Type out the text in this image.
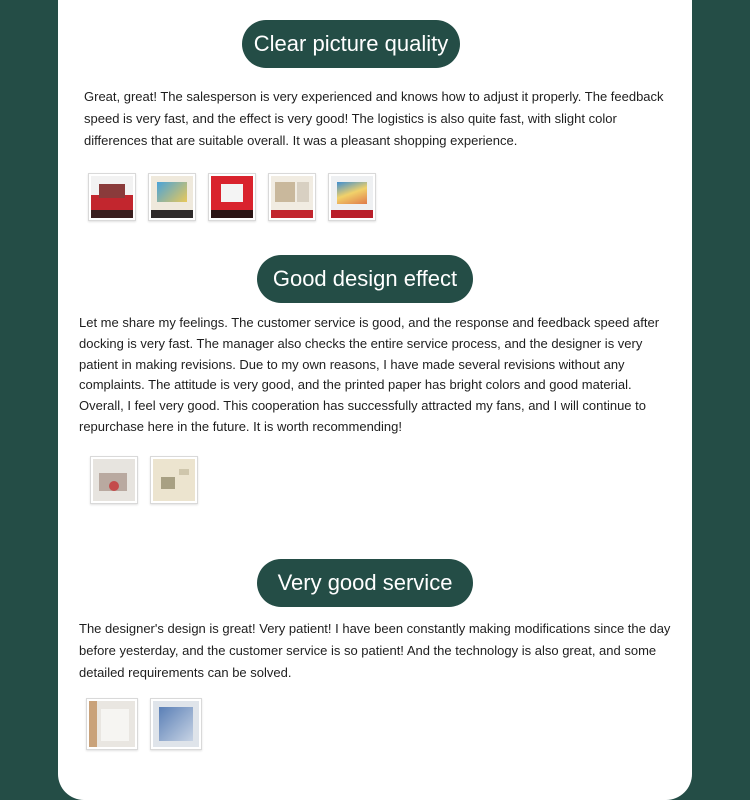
Clear picture quality

Great, great! The salesperson is very experienced and knows how to adjust it properly. The feedback speed is very fast, and the effect is very good! The logistics is also quite fast, with slight color differences that are suitable overall. It was a pleasant shopping experience.

Good design effect

Let me share my feelings. The customer service is good, and the response and feedback speed after docking is very fast. The manager also checks the entire service process, and the designer is very patient in making revisions. Due to my own reasons, I have made several revisions without any complaints. The attitude is very good, and the printed paper has bright colors and good material. Overall, I feel very good. This cooperation has successfully attracted my fans, and I will continue to repurchase here in the future. It is worth recommending!

Very good service

The designer's design is great! Very patient! I have been constantly making modifications since the day before yesterday, and the customer service is so patient! And the technology is also great, and some detailed requirements can be solved.
